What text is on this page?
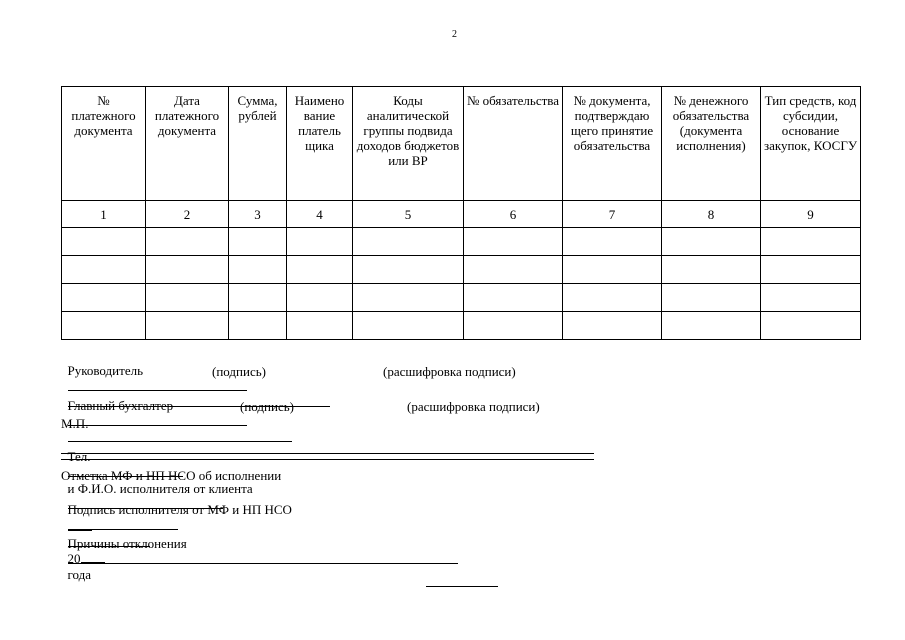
2
№ платежного документа	Дата платежного документа	Сумма, рублей	Наимено вание платель щика	Коды аналитической группы подвида доходов бюджетов или ВР	№ обязательства	№ документа, подтверждаю щего принятие обязательства	№ денежного обязательства (документа исполнения)	Тип средств, код субсидии, основание закупок, КОСГУ
1	2	3	4	5	6	7	8	9

Руководитель

	(подпись)	(расшифровка подписи)

Главный бухгалтер

	(подпись)	(расшифровка подписи)
М.П.

Тел.

и Ф.И.О. исполнителя от клиента

Отметка МФ и НП НСО об исполнении

Подпись исполнителя от МФ и НП НСО

20
года

Причины отклонения
